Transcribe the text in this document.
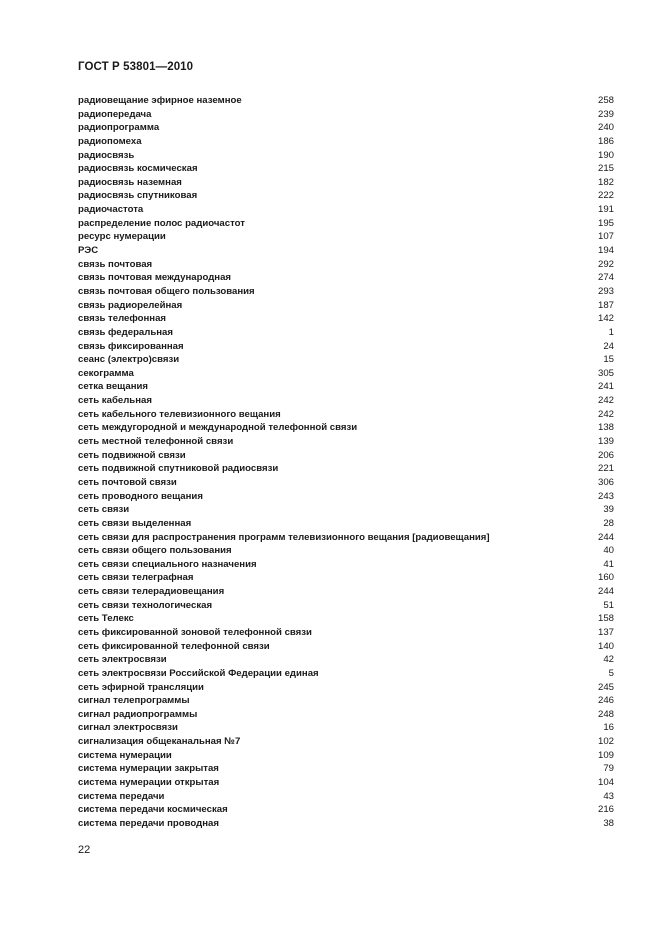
ГОСТ Р 53801—2010
радиовещание эфирное наземное	258
радиопередача	239
радиопрограмма	240
радиопомеха	186
радиосвязь	190
радиосвязь космическая	215
радиосвязь наземная	182
радиосвязь спутниковая	222
радиочастота	191
распределение полос радиочастот	195
ресурс нумерации	107
РЭС	194
связь почтовая	292
связь почтовая международная	274
связь почтовая общего пользования	293
связь радиорелейная	187
связь телефонная	142
связь федеральная	1
связь фиксированная	24
сеанс (электро)связи	15
секограмма	305
сетка вещания	241
сеть кабельная	242
сеть кабельного телевизионного вещания	242
сеть междугородной и международной телефонной связи	138
сеть местной телефонной связи	139
сеть подвижной связи	206
сеть подвижной спутниковой радиосвязи	221
сеть почтовой связи	306
сеть проводного вещания	243
сеть связи	39
сеть связи выделенная	28
сеть связи для распространения программ телевизионного вещания [радиовещания]	244
сеть связи общего пользования	40
сеть связи специального назначения	41
сеть связи телеграфная	160
сеть связи телерадиовещания	244
сеть связи технологическая	51
сеть Телекс	158
сеть фиксированной зоновой телефонной связи	137
сеть фиксированной телефонной связи	140
сеть электросвязи	42
сеть электросвязи Российской Федерации единая	5
сеть эфирной трансляции	245
сигнал телепрограммы	246
сигнал радиопрограммы	248
сигнал электросвязи	16
сигнализация общеканальная №7	102
система нумерации	109
система нумерации закрытая	79
система нумерации открытая	104
система передачи	43
система передачи космическая	216
система передачи проводная	38
22
